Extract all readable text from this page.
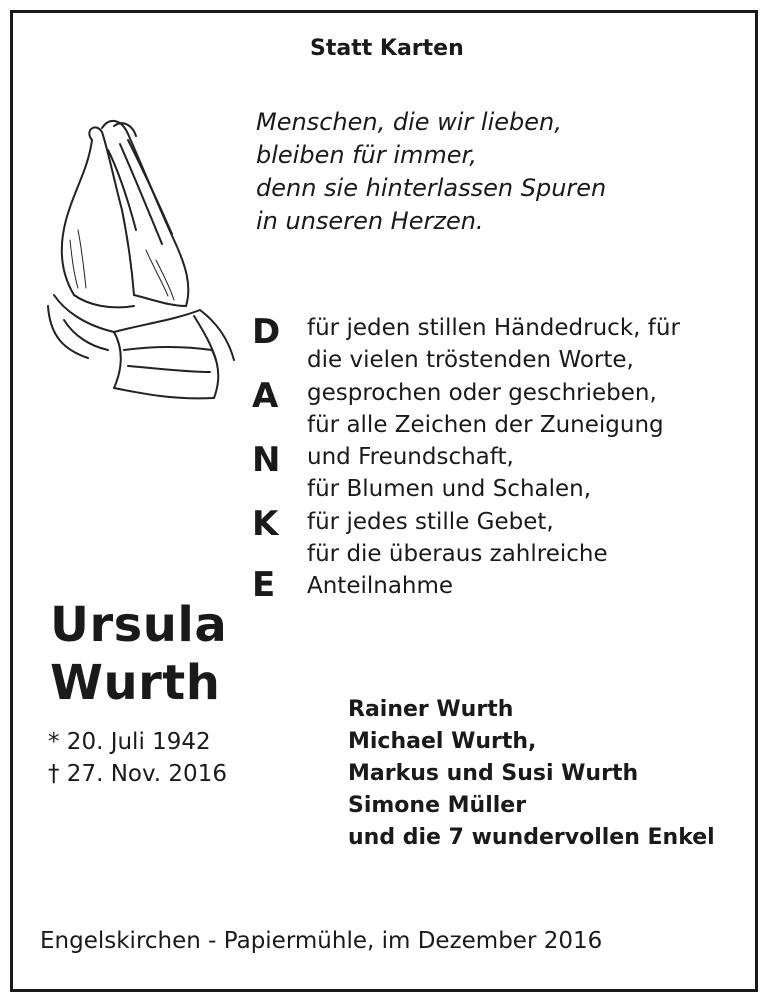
Statt Karten
Menschen, die wir lieben,
bleiben für immer,
denn sie hinterlassen Spuren
in unseren Herzen.
D
A
N
K
E
für jeden stillen Händedruck, für
die vielen tröstenden Worte,
gesprochen oder geschrieben,
für alle Zeichen der Zuneigung
und Freundschaft,
für Blumen und Schalen,
für jedes stille Gebet,
für die überaus zahlreiche
Anteilnahme
Ursula
Wurth
* 20. Juli 1942
† 27. Nov. 2016
Rainer Wurth
Michael Wurth,
Markus und Susi Wurth
Simone Müller
und die 7 wundervollen Enkel
Engelskirchen - Papiermühle, im Dezember 2016
